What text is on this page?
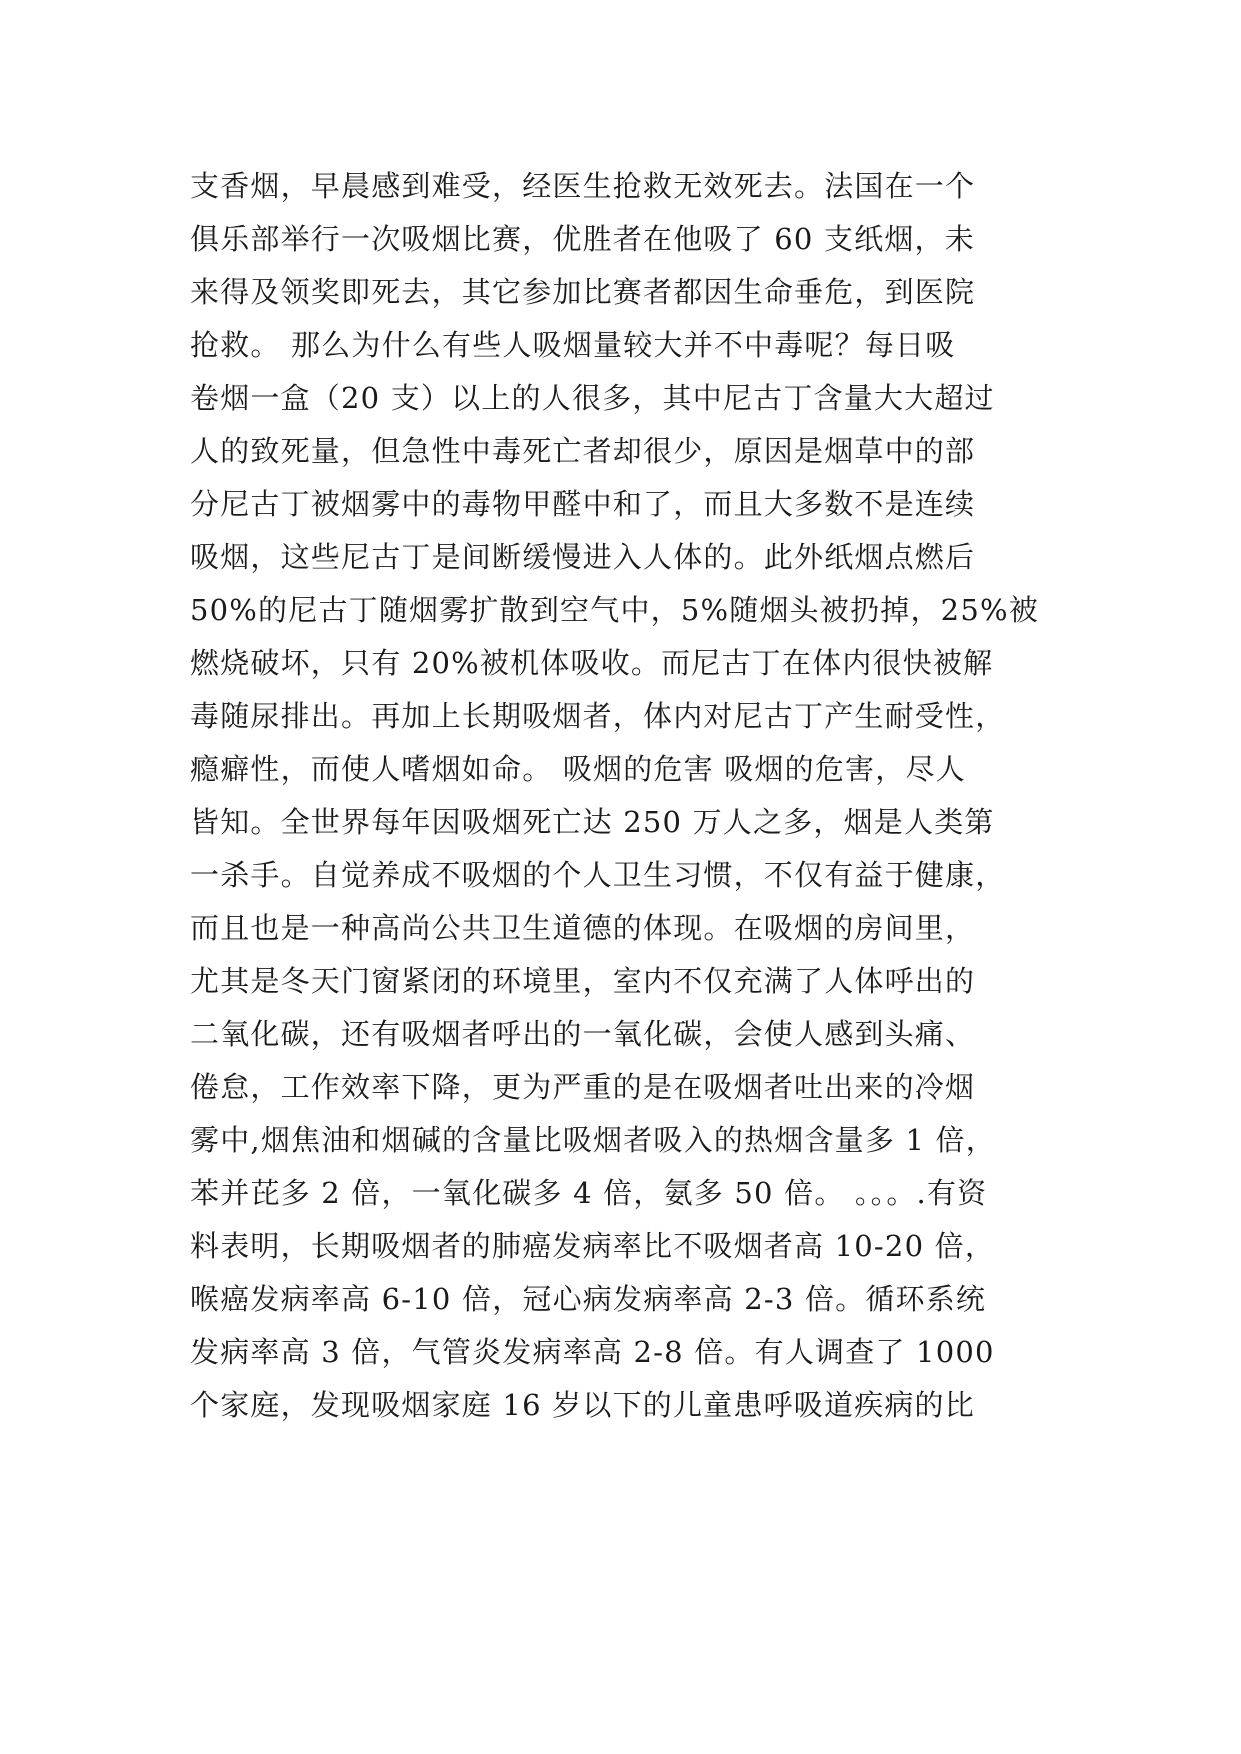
支香烟，早晨感到难受，经医生抢救无效死去。法国在一个
俱乐部举行一次吸烟比赛，优胜者在他吸了 60 支纸烟，未
来得及领奖即死去，其它参加比赛者都因生命垂危，到医院
抢救。 那么为什么有些人吸烟量较大并不中毒呢？每日吸
卷烟一盒（20 支）以上的人很多，其中尼古丁含量大大超过
人的致死量，但急性中毒死亡者却很少，原因是烟草中的部
分尼古丁被烟雾中的毒物甲醛中和了，而且大多数不是连续
吸烟，这些尼古丁是间断缓慢进入人体的。此外纸烟点燃后
50%的尼古丁随烟雾扩散到空气中，5%随烟头被扔掉，25%被
燃烧破坏，只有 20%被机体吸收。而尼古丁在体内很快被解
毒随尿排出。再加上长期吸烟者，体内对尼古丁产生耐受性，
瘾癖性，而使人嗜烟如命。 吸烟的危害 吸烟的危害，尽人
皆知。全世界每年因吸烟死亡达 250 万人之多，烟是人类第
一杀手。自觉养成不吸烟的个人卫生习惯，不仅有益于健康，
而且也是一种高尚公共卫生道德的体现。在吸烟的房间里，
尤其是冬天门窗紧闭的环境里，室内不仅充满了人体呼出的
二氧化碳，还有吸烟者呼出的一氧化碳，会使人感到头痛、
倦怠，工作效率下降，更为严重的是在吸烟者吐出来的冷烟
雾中,烟焦油和烟碱的含量比吸烟者吸入的热烟含量多 1 倍，
苯并芘多 2 倍，一氧化碳多 4 倍，氨多 50 倍。 。。。.有资
料表明，长期吸烟者的肺癌发病率比不吸烟者高 10-20 倍，
喉癌发病率高 6-10 倍，冠心病发病率高 2-3 倍。循环系统
发病率高 3 倍，气管炎发病率高 2-8 倍。有人调查了 1000
个家庭，发现吸烟家庭 16 岁以下的儿童患呼吸道疾病的比
